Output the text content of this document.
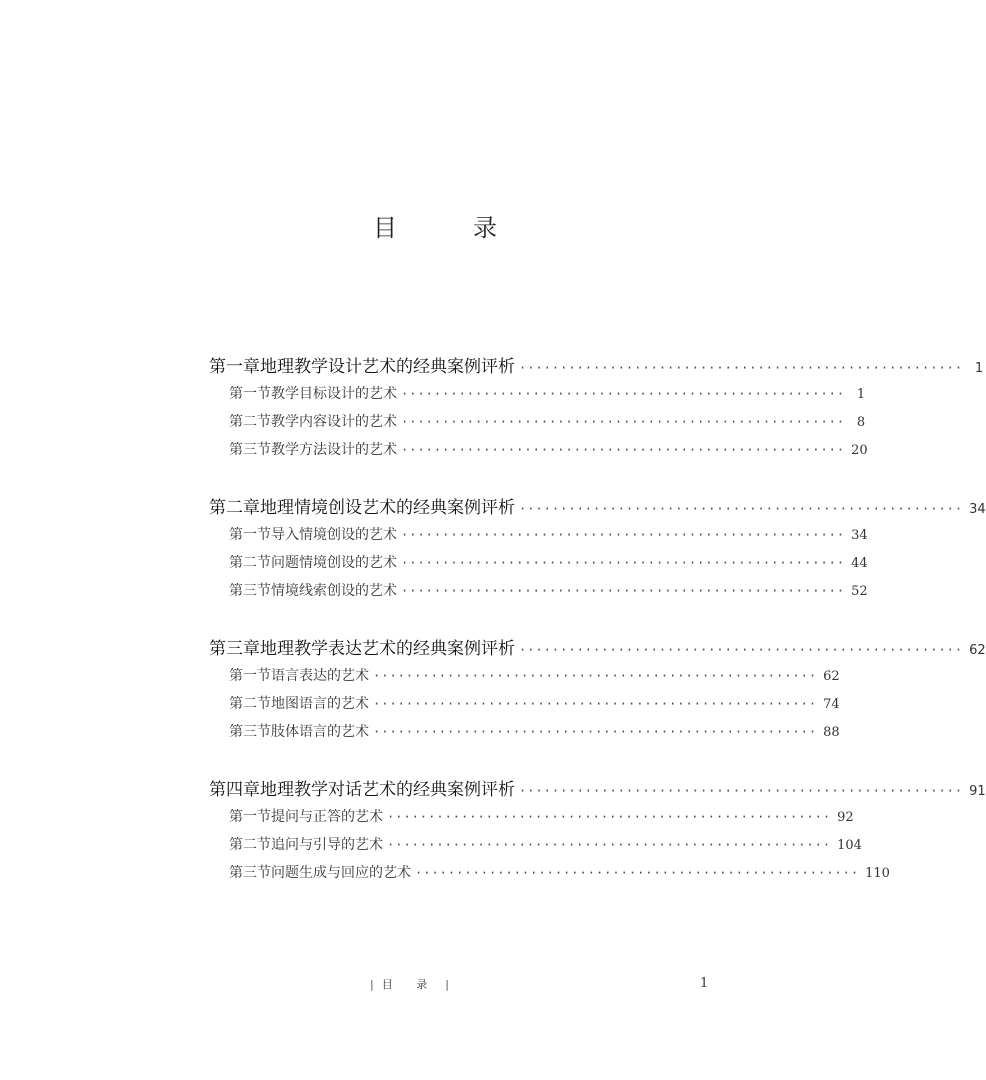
目　录
第一章 地理教学设计艺术的经典案例评析 ······················································ 1
第一节 教学目标设计的艺术 ······················································ 1
第二节 教学内容设计的艺术 ······················································ 8
第三节 教学方法设计的艺术 ······················································ 20
第二章 地理情境创设艺术的经典案例评析 ······················································ 34
第一节 导入情境创设的艺术 ······················································ 34
第二节 问题情境创设的艺术 ······················································ 44
第三节 情境线索创设的艺术 ······················································ 52
第三章 地理教学表达艺术的经典案例评析 ······················································ 62
第一节 语言表达的艺术 ······················································ 62
第二节 地图语言的艺术 ······················································ 74
第三节 肢体语言的艺术 ······················································ 88
第四章 地理教学对话艺术的经典案例评析 ······················································ 91
第一节 提问与正答的艺术 ······················································ 92
第二节 追问与引导的艺术 ······················································ 104
第三节 问题生成与回应的艺术 ······················································ 110
| 目 录 |	1
